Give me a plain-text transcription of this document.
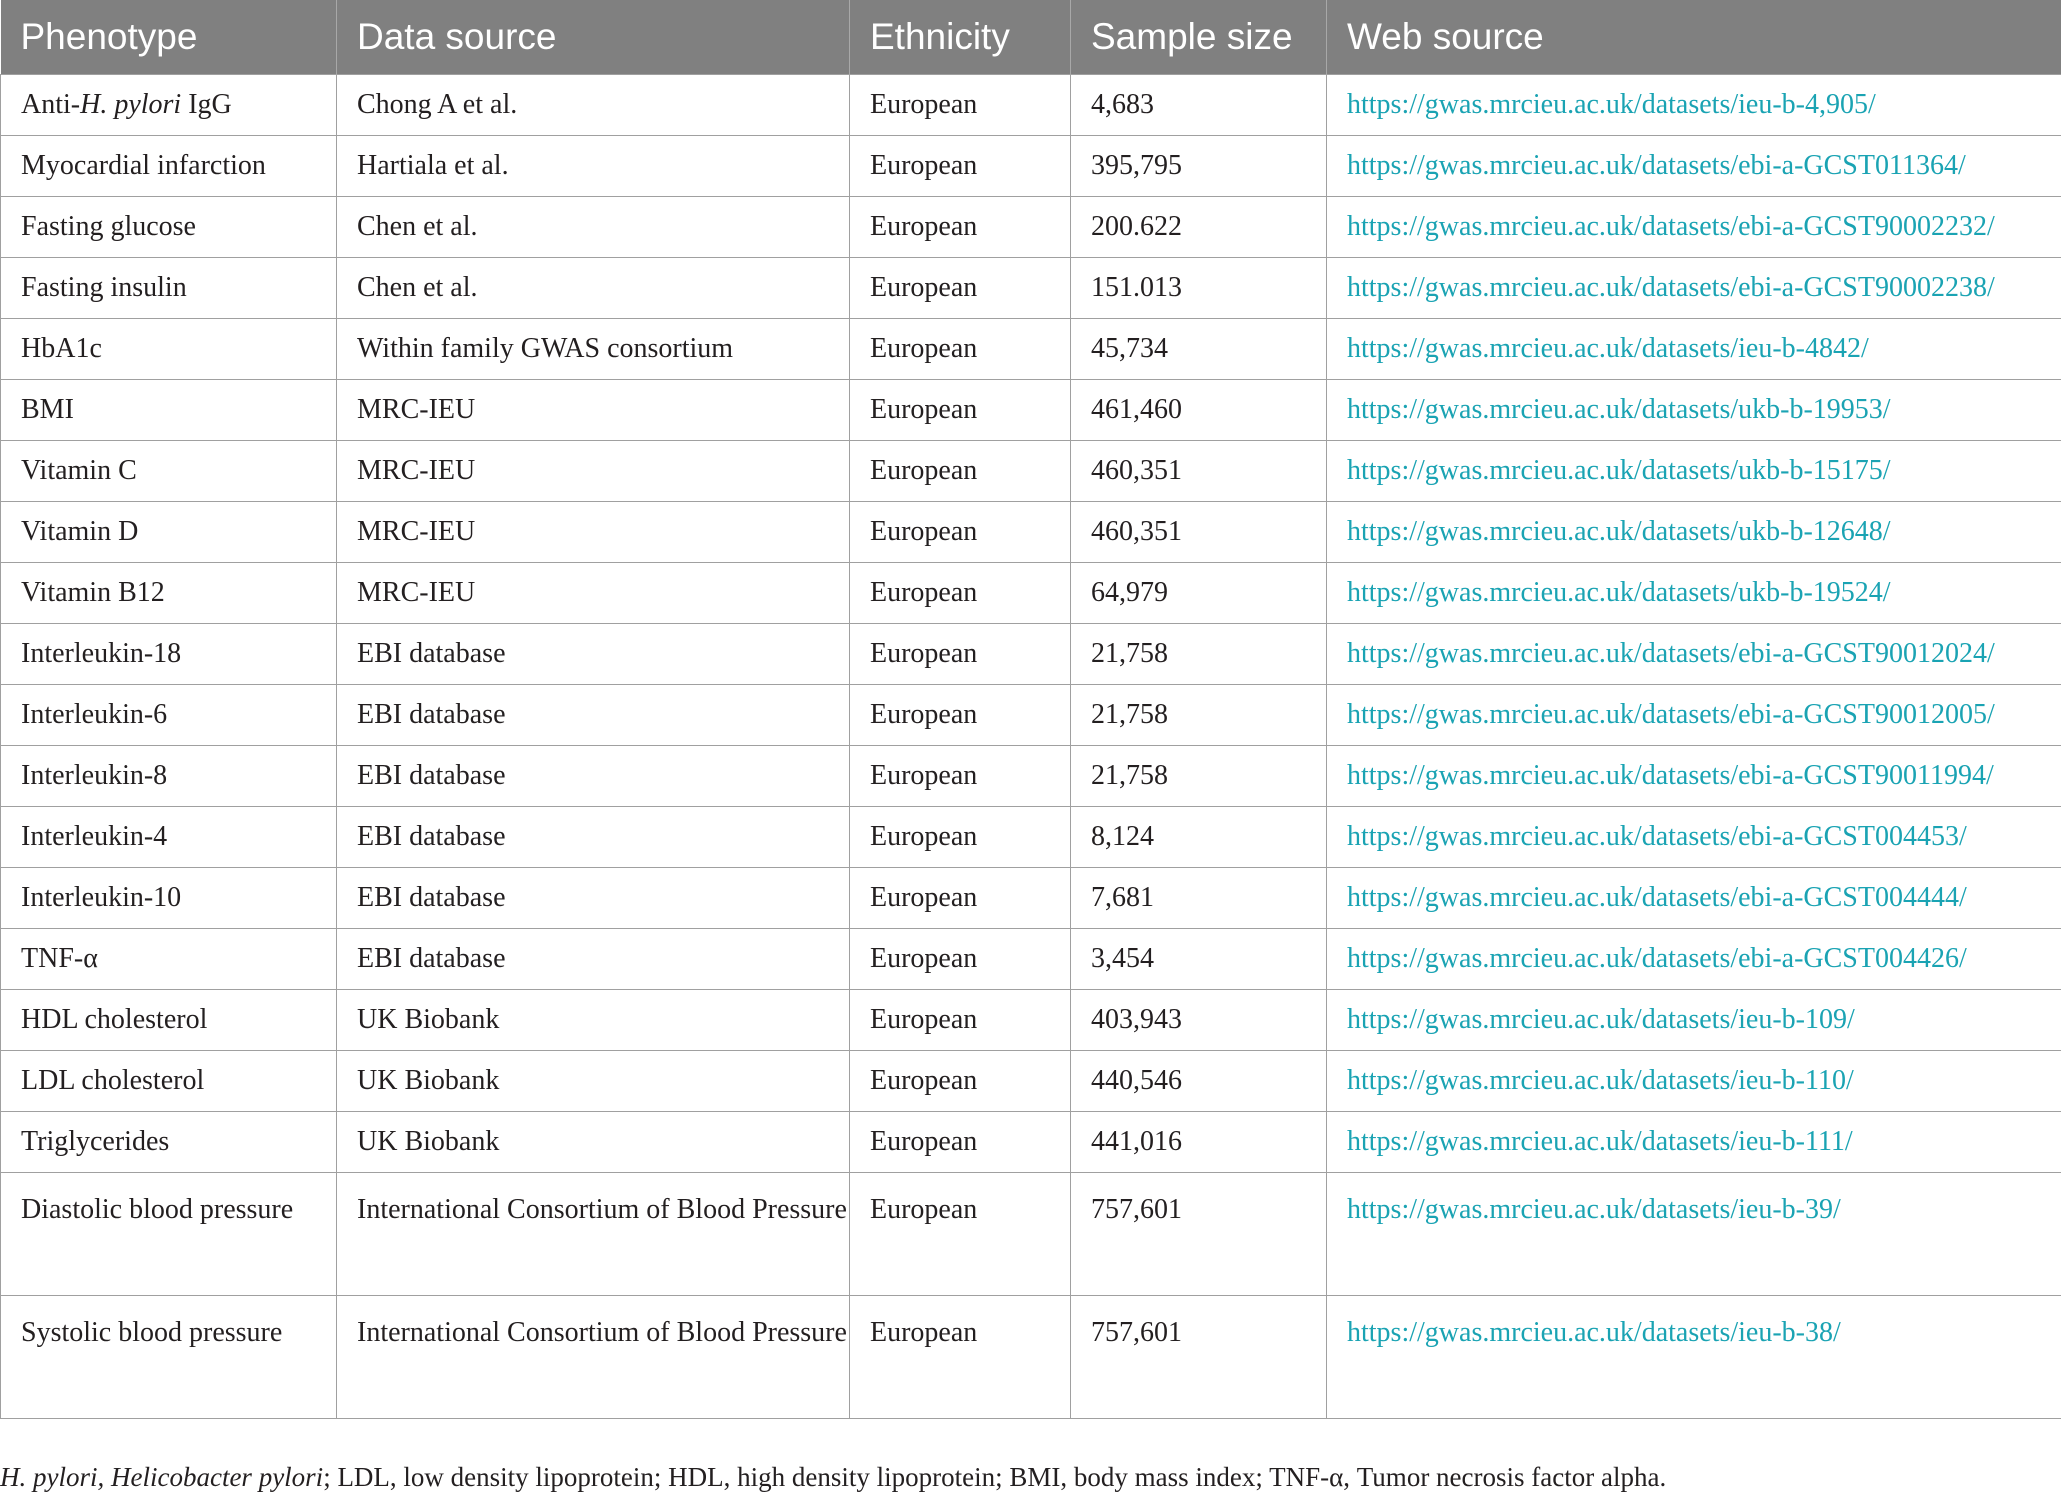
Phenotype	Data source	Ethnicity	Sample size	Web source
Anti-H. pylori IgG	Chong A et al.	European	4,683	https://gwas.mrcieu.ac.uk/datasets/ieu-b-4,905/
Myocardial infarction	Hartiala et al.	European	395,795	https://gwas.mrcieu.ac.uk/datasets/ebi-a-GCST011364/
Fasting glucose	Chen et al.	European	200.622	https://gwas.mrcieu.ac.uk/datasets/ebi-a-GCST90002232/
Fasting insulin	Chen et al.	European	151.013	https://gwas.mrcieu.ac.uk/datasets/ebi-a-GCST90002238/
HbA1c	Within family GWAS consortium	European	45,734	https://gwas.mrcieu.ac.uk/datasets/ieu-b-4842/
BMI	MRC-IEU	European	461,460	https://gwas.mrcieu.ac.uk/datasets/ukb-b-19953/
Vitamin C	MRC-IEU	European	460,351	https://gwas.mrcieu.ac.uk/datasets/ukb-b-15175/
Vitamin D	MRC-IEU	European	460,351	https://gwas.mrcieu.ac.uk/datasets/ukb-b-12648/
Vitamin B12	MRC-IEU	European	64,979	https://gwas.mrcieu.ac.uk/datasets/ukb-b-19524/
Interleukin-18	EBI database	European	21,758	https://gwas.mrcieu.ac.uk/datasets/ebi-a-GCST90012024/
Interleukin-6	EBI database	European	21,758	https://gwas.mrcieu.ac.uk/datasets/ebi-a-GCST90012005/
Interleukin-8	EBI database	European	21,758	https://gwas.mrcieu.ac.uk/datasets/ebi-a-GCST90011994/
Interleukin-4	EBI database	European	8,124	https://gwas.mrcieu.ac.uk/datasets/ebi-a-GCST004453/
Interleukin-10	EBI database	European	7,681	https://gwas.mrcieu.ac.uk/datasets/ebi-a-GCST004444/
TNF-α	EBI database	European	3,454	https://gwas.mrcieu.ac.uk/datasets/ebi-a-GCST004426/
HDL cholesterol	UK Biobank	European	403,943	https://gwas.mrcieu.ac.uk/datasets/ieu-b-109/
LDL cholesterol	UK Biobank	European	440,546	https://gwas.mrcieu.ac.uk/datasets/ieu-b-110/
Triglycerides	UK Biobank	European	441,016	https://gwas.mrcieu.ac.uk/datasets/ieu-b-111/
Diastolic blood pressure	International Consortium of Blood Pressure	European	757,601	https://gwas.mrcieu.ac.uk/datasets/ieu-b-39/
Systolic blood pressure	International Consortium of Blood Pressure	European	757,601	https://gwas.mrcieu.ac.uk/datasets/ieu-b-38/
H. pylori, Helicobacter pylori; LDL, low density lipoprotein; HDL, high density lipoprotein; BMI, body mass index; TNF-α, Tumor necrosis factor alpha.
